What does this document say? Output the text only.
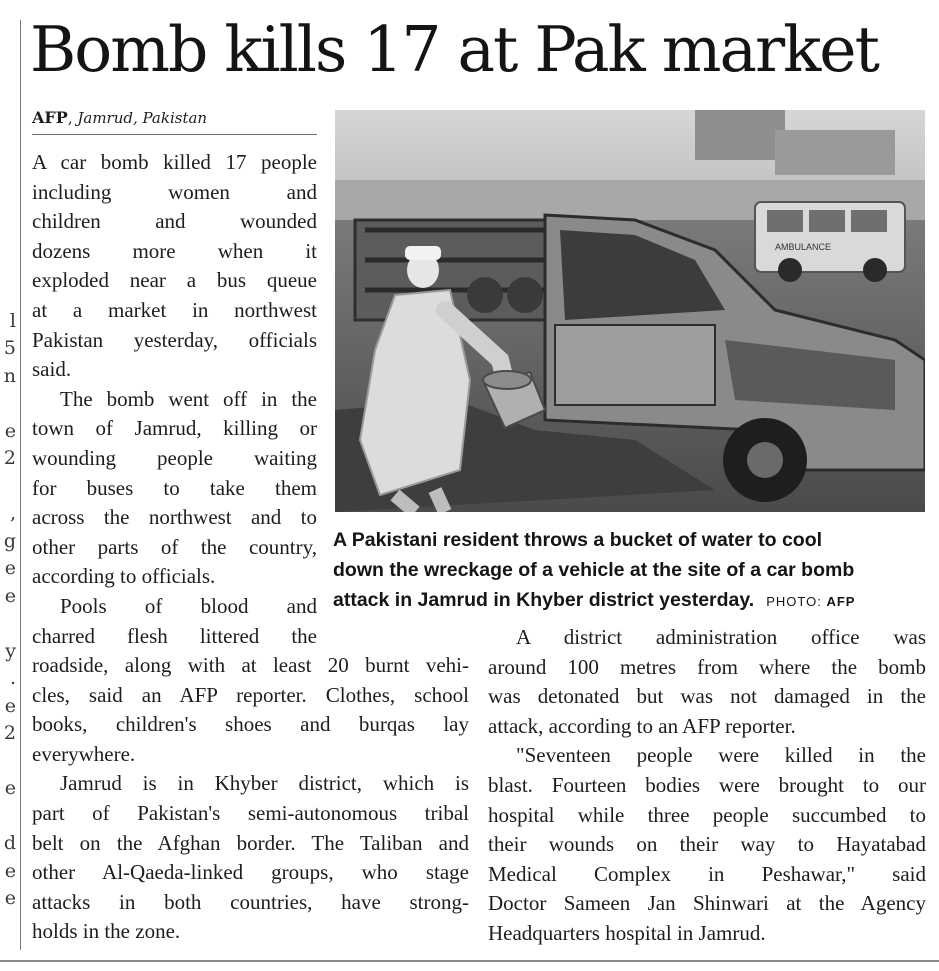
l
5
n
e
2
,
g
e
e
y
.
e
2
e
d
e
e
Bomb kills 17 at Pak market
AFP, Jamrud, Pakistan
A car bomb killed 17 people
including women and
children and wounded
dozens more when it
exploded near a bus queue
at a market in northwest
Pakistan yesterday, officials
said.
The bomb went off in the
town of Jamrud, killing or
wounding people waiting
for buses to take them
across the northwest and to
other parts of the country,
according to officials.
Pools of blood and
charred flesh littered the
roadside, along with at least 20 burnt vehi-
cles, said an AFP reporter. Clothes, school
books, children's shoes and burqas lay
everywhere.
Jamrud is in Khyber district, which is
part of Pakistan's semi-autonomous tribal
belt on the Afghan border. The Taliban and
other Al-Qaeda-linked groups, who stage
attacks in both countries, have strong-
holds in the zone.
A district administration office was
around 100 metres from where the bomb
was detonated but was not damaged in the
attack, according to an AFP reporter.
"Seventeen people were killed in the
blast. Fourteen bodies were brought to our
hospital while three people succumbed to
their wounds on their way to Hayatabad
Medical Complex in Peshawar," said
Doctor Sameen Jan Shinwari at the Agency
Headquarters hospital in Jamrud.
AMBULANCE
A Pakistani resident throws a bucket of water to cool
down the wreckage of a vehicle at the site of a car bomb
attack in Jamrud in Khyber district yesterday. PHOTO: AFP
